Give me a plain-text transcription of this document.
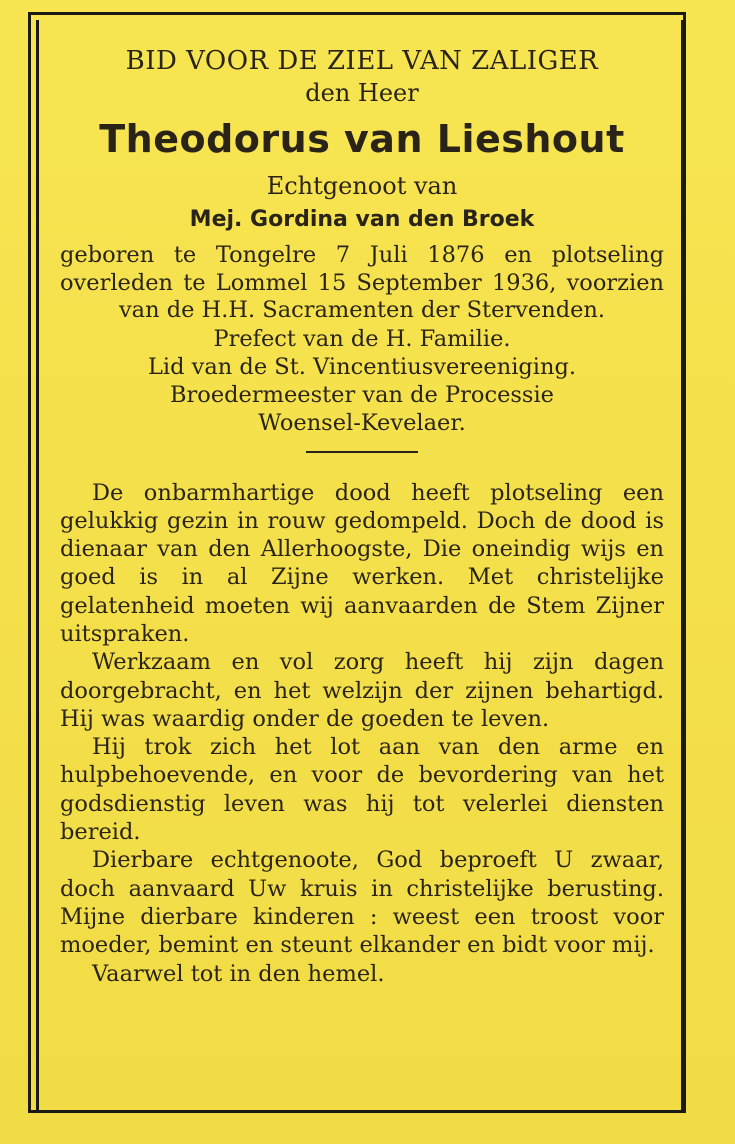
BID VOOR DE ZIEL VAN ZALIGER

den Heer

Theodorus van Lieshout

Echtgenoot van

Mej. Gordina van den Broek

geboren te Tongelre 7 Juli 1876 en plotseling overleden te Lommel 15 September 1936, voorzien van de H.H. Sacramenten der Stervenden.

Prefect van de H. Familie.

Lid van de St. Vincentiusvereeniging.

Broedermeester van de Processie

Woensel-Kevelaer.

De onbarmhartige dood heeft plotseling een gelukkig gezin in rouw gedompeld. Doch de dood is dienaar van den Allerhoogste, Die oneindig wijs en goed is in al Zijne werken. Met christelijke gelatenheid moeten wij aanvaarden de Stem Zijner uitspraken.

Werkzaam en vol zorg heeft hij zijn dagen doorgebracht, en het welzijn der zijnen behartigd. Hij was waardig onder de goeden te leven.

Hij trok zich het lot aan van den arme en hulpbehoevende, en voor de bevordering van het godsdienstig leven was hij tot velerlei diensten bereid.

Dierbare echtgenoote, God beproeft U zwaar, doch aanvaard Uw kruis in christelijke berusting. Mijne dierbare kinderen : weest een troost voor moeder, bemint en steunt elkander en bidt voor mij.

Vaarwel tot in den hemel.
